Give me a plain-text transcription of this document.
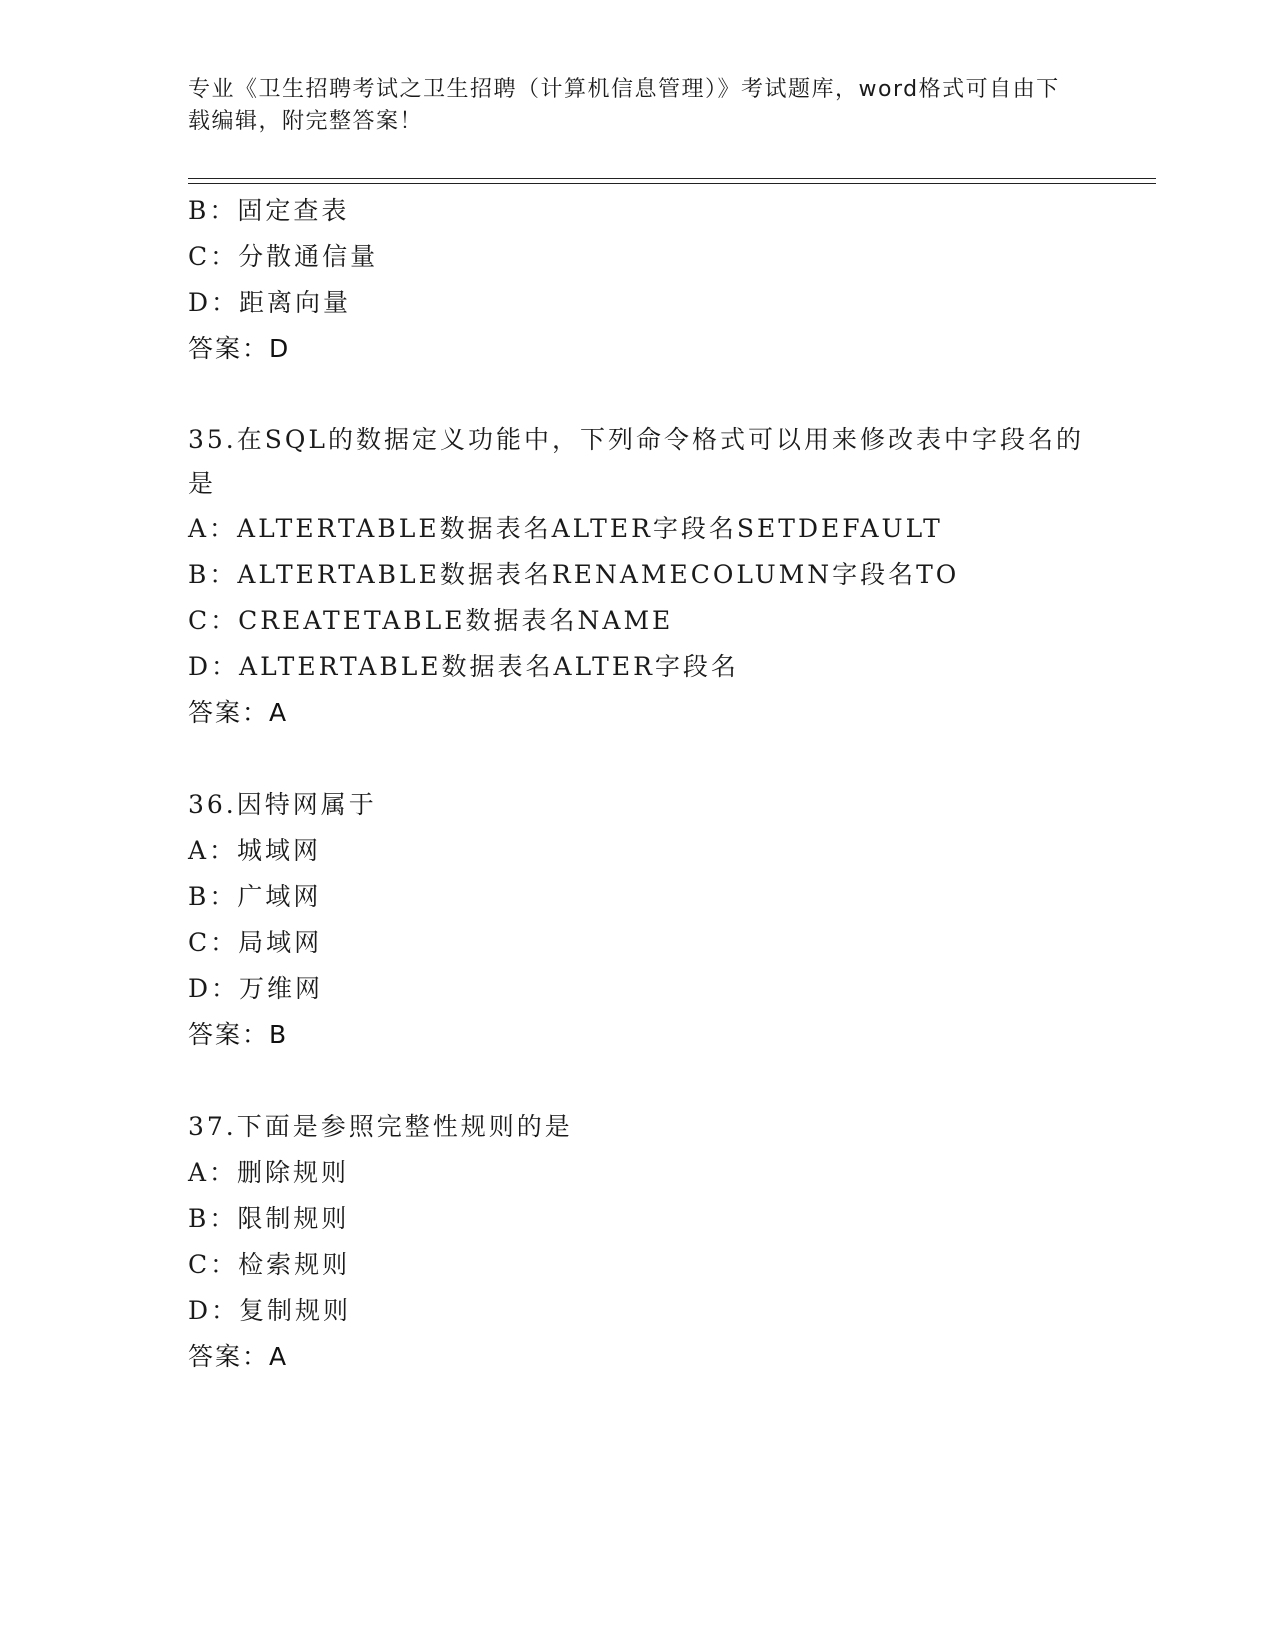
专业《卫生招聘考试之卫生招聘（计算机信息管理）》考试题库，word格式可自由下载编辑，附完整答案！
B：固定查表
C：分散通信量
D：距离向量
答案：D
35.在SQL的数据定义功能中，下列命令格式可以用来修改表中字段名的是
A：ALTERTABLE数据表名ALTER字段名SETDEFAULT
B：ALTERTABLE数据表名RENAMECOLUMN字段名TO
C：CREATETABLE数据表名NAME
D：ALTERTABLE数据表名ALTER字段名
答案：A
36.因特网属于
A：城域网
B：广域网
C：局域网
D：万维网
答案：B
37.下面是参照完整性规则的是
A：删除规则
B：限制规则
C：检索规则
D：复制规则
答案：A
